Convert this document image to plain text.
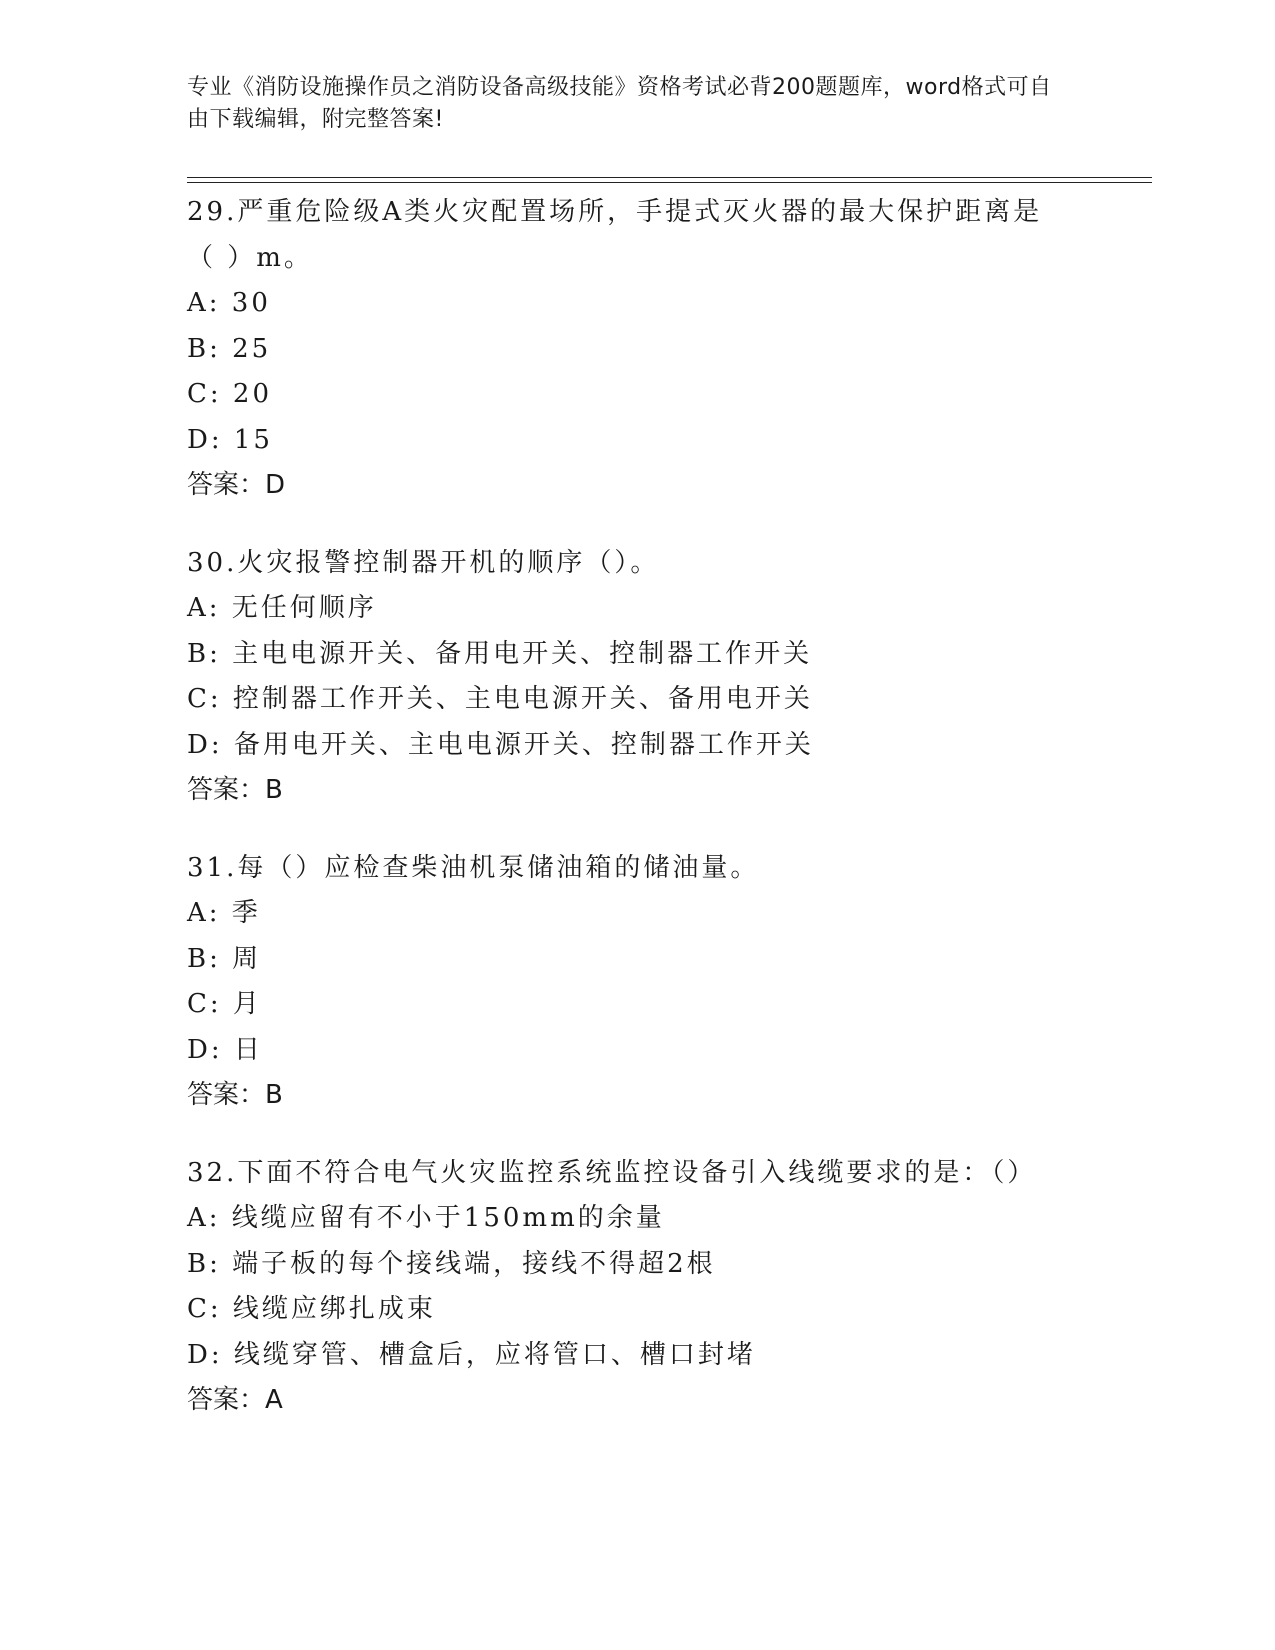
专业《消防设施操作员之消防设备高级技能》资格考试必背200题题库，word格式可自由下载编辑，附完整答案!

29.严重危险级A类火灾配置场所，手提式灭火器的最大保护距离是（ ）m。

A: 30

B: 25

C: 20

D: 15

答案：D

30.火灾报警控制器开机的顺序（）。

A: 无任何顺序

B: 主电电源开关、备用电开关、控制器工作开关

C: 控制器工作开关、主电电源开关、备用电开关

D: 备用电开关、主电电源开关、控制器工作开关

答案：B

31.每（）应检查柴油机泵储油箱的储油量。

A: 季

B: 周

C: 月

D: 日

答案：B

32.下面不符合电气火灾监控系统监控设备引入线缆要求的是：（）

A: 线缆应留有不小于150mm的余量

B: 端子板的每个接线端，接线不得超2根

C: 线缆应绑扎成束

D: 线缆穿管、槽盒后，应将管口、槽口封堵

答案：A
